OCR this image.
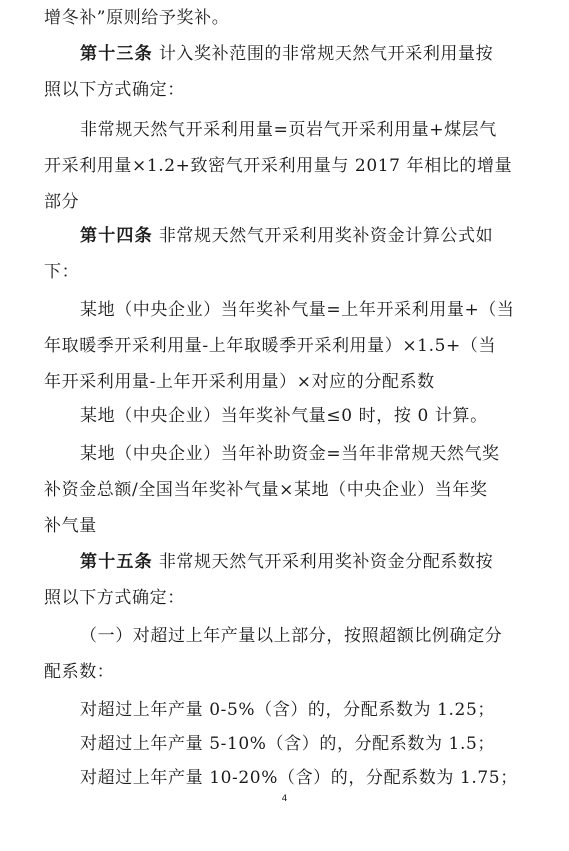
增冬补”原则给予奖补。

第十三条 计入奖补范围的非常规天然气开采利用量按

照以下方式确定：

非常规天然气开采利用量=页岩气开采利用量+煤层气

开采利用量×1.2+致密气开采利用量与 2017 年相比的增量
部分

第十四条 非常规天然气开采利用奖补资金计算公式如

下：

某地（中央企业）当年奖补气量=上年开采利用量+（当

年取暖季开采利用量-上年取暖季开采利用量）×1.5+（当
年开采利用量-上年开采利用量）×对应的分配系数

某地（中央企业）当年奖补气量≤0 时，按 0 计算。

某地（中央企业）当年补助资金=当年非常规天然气奖

补资金总额/全国当年奖补气量×某地（中央企业）当年奖
补气量

第十五条 非常规天然气开采利用奖补资金分配系数按

照以下方式确定：

（一）对超过上年产量以上部分，按照超额比例确定分

配系数：

对超过上年产量 0-5%（含）的，分配系数为 1.25；

对超过上年产量 5-10%（含）的，分配系数为 1.5；

对超过上年产量 10-20%（含）的，分配系数为 1.75；

4
